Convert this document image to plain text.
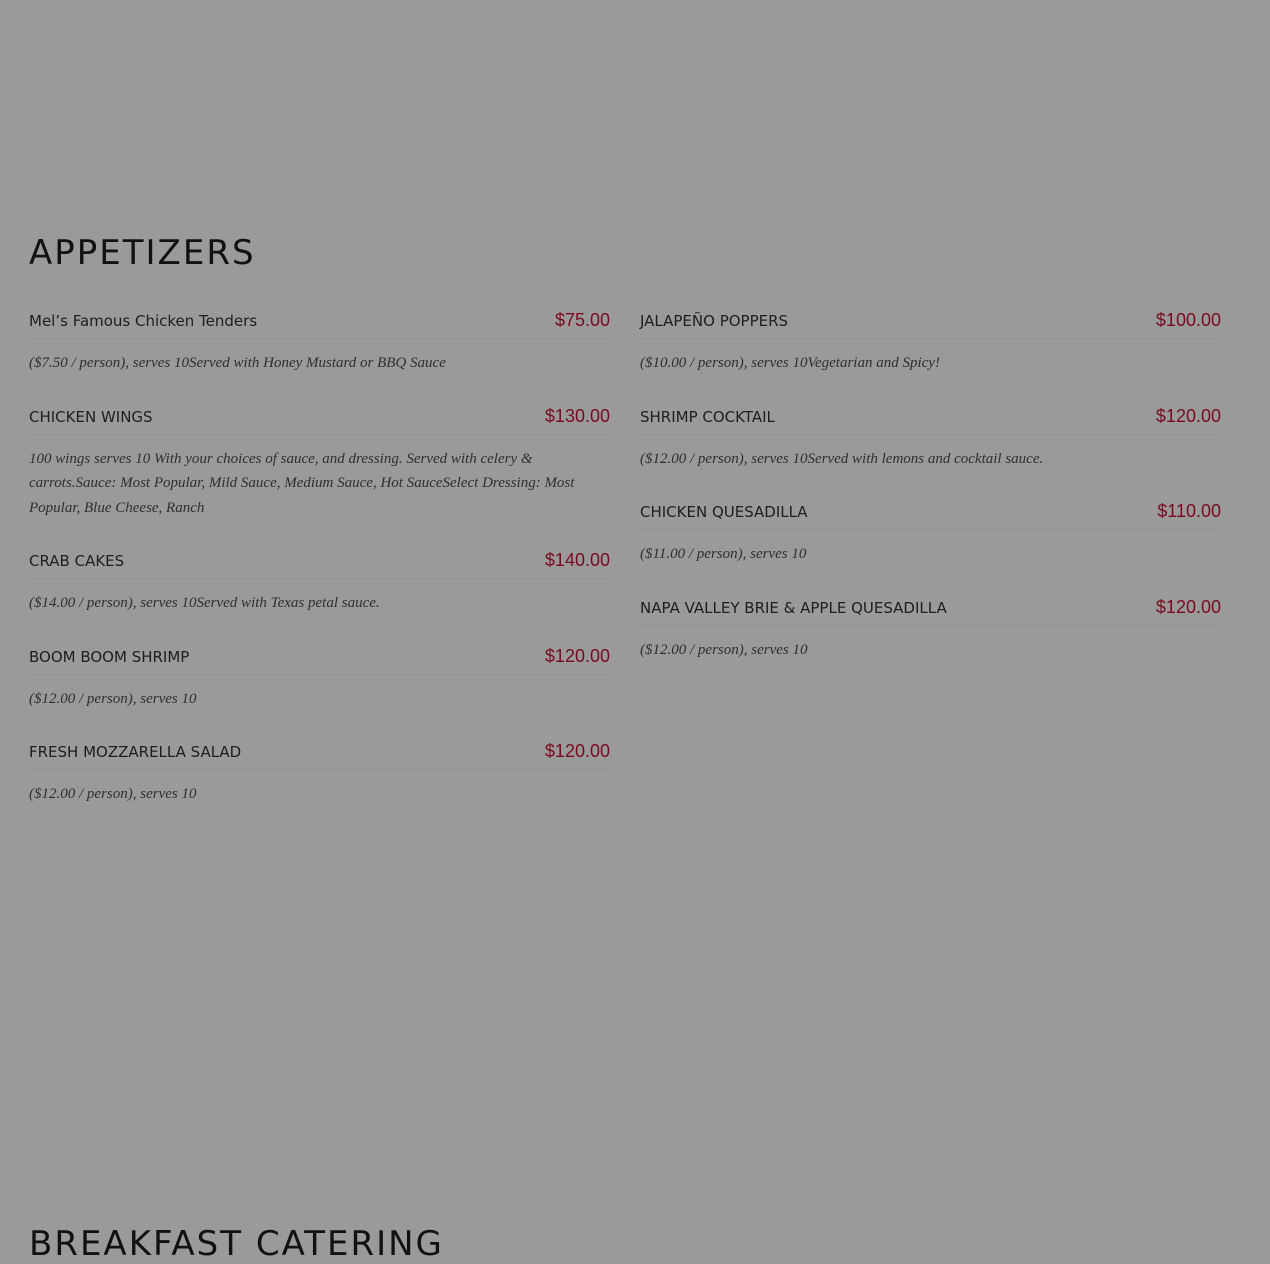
APPETIZERS
Mel’s Famous Chicken Tenders	$75.00
($7.50 / person), serves 10Served with Honey Mustard or BBQ Sauce
CHICKEN WINGS	$130.00
100 wings serves 10 With your choices of sauce, and dressing. Served with celery & carrots.Sauce: Most Popular, Mild Sauce, Medium Sauce, Hot SauceSelect Dressing: Most Popular, Blue Cheese, Ranch
CRAB CAKES	$140.00
($14.00 / person), serves 10Served with Texas petal sauce.
BOOM BOOM SHRIMP	$120.00
($12.00 / person), serves 10
FRESH MOZZARELLA SALAD	$120.00
($12.00 / person), serves 10
JALAPEÑO POPPERS	$100.00
($10.00 / person), serves 10Vegetarian and Spicy!
SHRIMP COCKTAIL	$120.00
($12.00 / person), serves 10Served with lemons and cocktail sauce.
CHICKEN QUESADILLA	$110.00
($11.00 / person), serves 10
NAPA VALLEY BRIE & APPLE QUESADILLA	$120.00
($12.00 / person), serves 10
BREAKFAST CATERING
